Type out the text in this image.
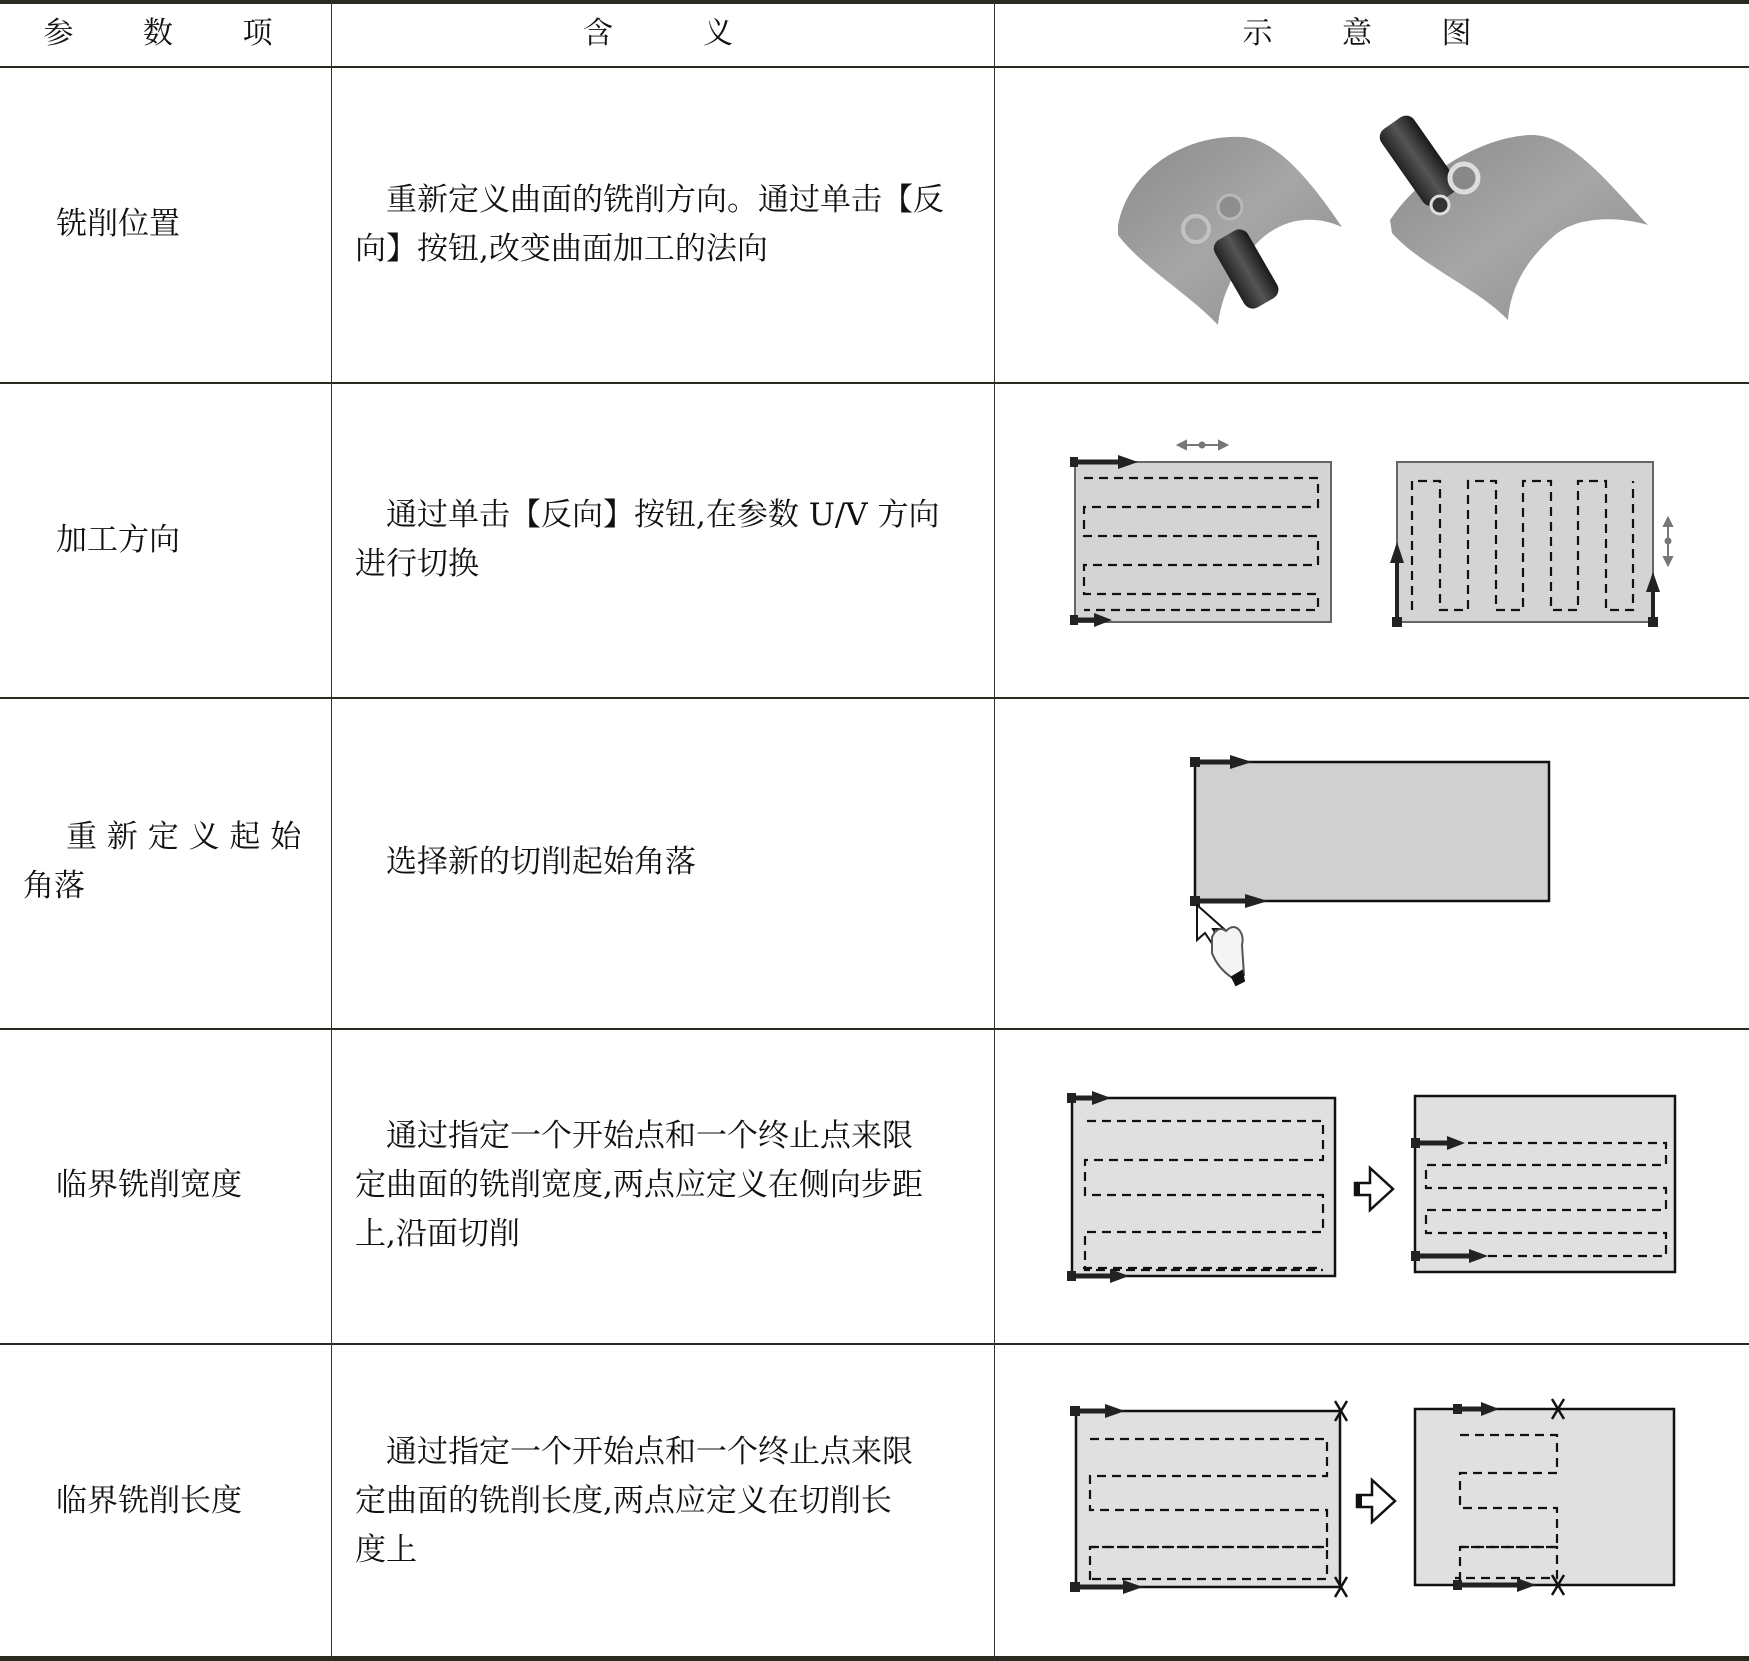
参 数 项	含　　义	示 意 图
铣削位置
　重新定义曲面的铣削方向。通过单击【反
向】按钮,改变曲面加工的法向
加工方向
　通过单击【反向】按钮,在参数 U/V 方向
进行切换
重 新 定 义 起 始
角落
　选择新的切削起始角落
临界铣削宽度
　通过指定一个开始点和一个终止点来限
定曲面的铣削宽度,两点应定义在侧向步距
上,沿面切削
临界铣削长度
　通过指定一个开始点和一个终止点来限
定曲面的铣削长度,两点应定义在切削长
度上
